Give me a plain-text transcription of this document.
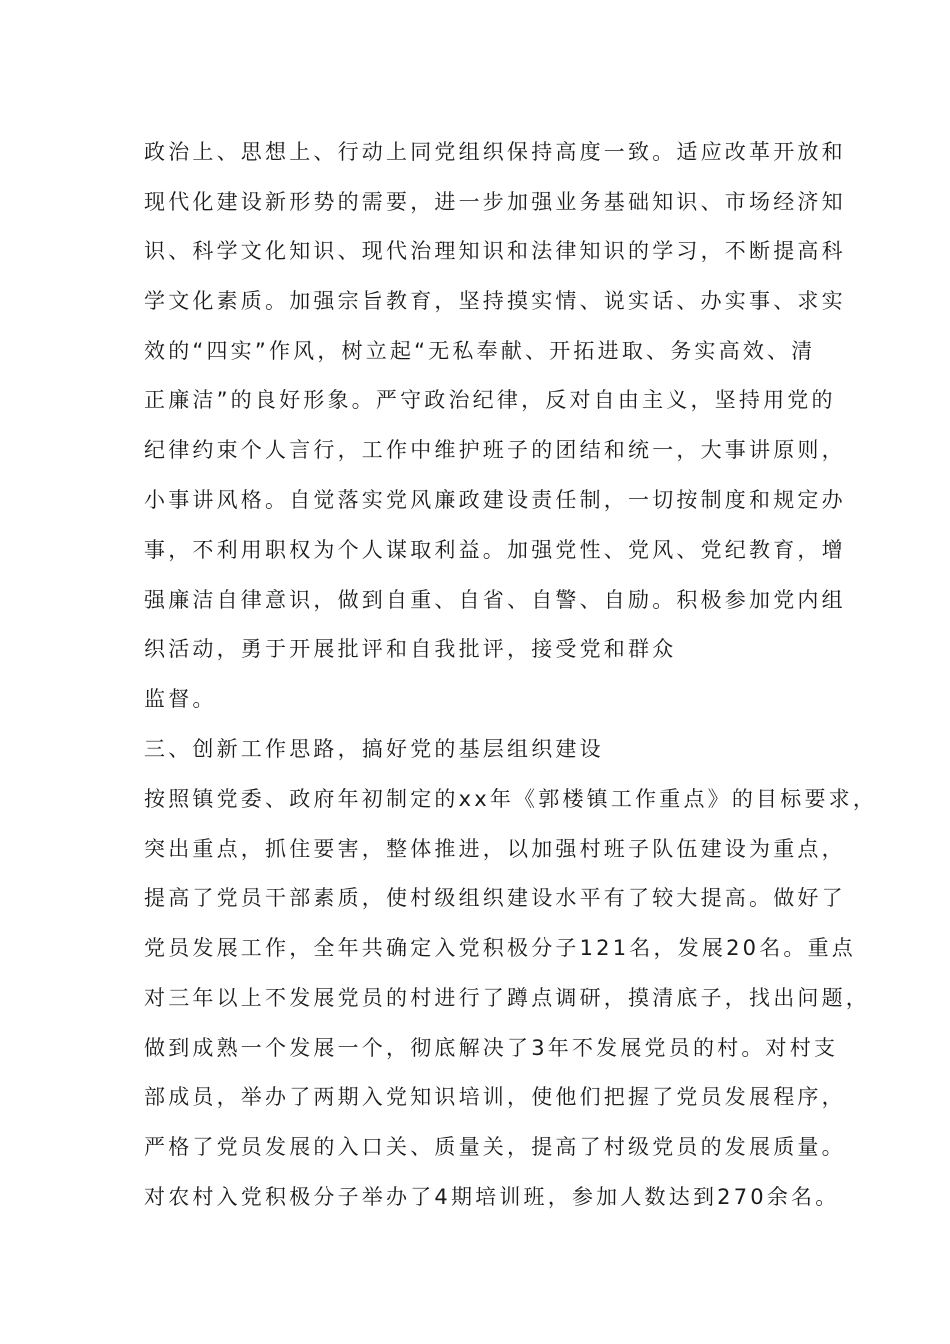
政治上、思想上、行动上同党组织保持高度一致。适应改革开放和
现代化建设新形势的需要，进一步加强业务基础知识、市场经济知
识、科学文化知识、现代治理知识和法律知识的学习，不断提高科
学文化素质。加强宗旨教育，坚持摸实情、说实话、办实事、求实
效的“四实”作风，树立起“无私奉献、开拓进取、务实高效、清
正廉洁”的良好形象。严守政治纪律，反对自由主义，坚持用党的
纪律约束个人言行，工作中维护班子的团结和统一，大事讲原则，
小事讲风格。自觉落实党风廉政建设责任制，一切按制度和规定办
事，不利用职权为个人谋取利益。加强党性、党风、党纪教育，增
强廉洁自律意识，做到自重、自省、自警、自励。积极参加党内组
织活动，勇于开展批评和自我批评，接受党和群众
监督。
三、创新工作思路，搞好党的基层组织建设
按照镇党委、政府年初制定的xx年《郭楼镇工作重点》的目标要求，
突出重点，抓住要害，整体推进，以加强村班子队伍建设为重点，
提高了党员干部素质，使村级组织建设水平有了较大提高。做好了
党员发展工作，全年共确定入党积极分子121名，发展20名。重点
对三年以上不发展党员的村进行了蹲点调研，摸清底子，找出问题，
做到成熟一个发展一个，彻底解决了3年不发展党员的村。对村支
部成员，举办了两期入党知识培训，使他们把握了党员发展程序，
严格了党员发展的入口关、质量关，提高了村级党员的发展质量。
对农村入党积极分子举办了4期培训班，参加人数达到270余名。
